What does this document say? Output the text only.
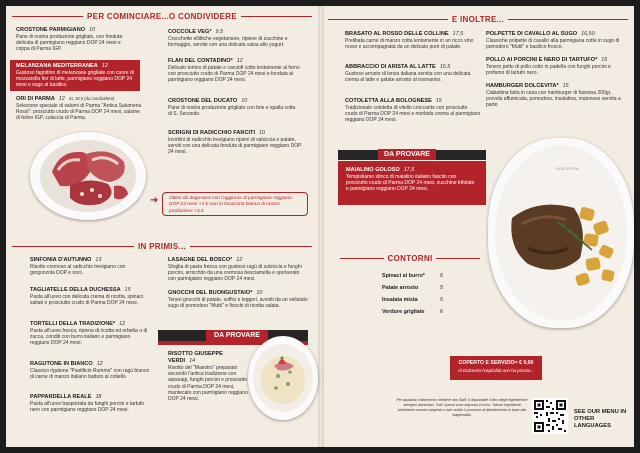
PER COMINCIARE...O CONDIVIDERE
CROSTONE PARMIGIANO 10
Pane di nostra produzione grigliato, con fonduta delicata di parmigiano reggiano DOP 24 mesi e coppa di Parma IGP.
MELANZANA MEDITERRANEA 12
Gustoso fagottino di melanzane grigliate con cuore di mozzarella fior di latte, parmigiano reggiano DOP 24 mesi e sugo al basilico.
ORI DI PARMA 12 XL 19,5 (da condividere)
Selezione speciale di salumi di Parma "Antica Salumeria Rossi": prosciutto crudo di Parma DOP 24 mesi, salame di felino IGP, culaccia di Parma.
COCCOLE VEG* 9,5
Crocchette ellittiche vegetariane, ripiene di zucchine e formaggio, servite con una delicata salsa allo yogurt.
FLAN DEL CONTADINO* 12
Delicato tortino di patate e carciofi cotto lentamente al forno con prosciutto crudo di Parma DOP 24 mesi e fonduta al parmigiano reggiano DOP 24 mesi.
CROSTONE DEL DUCATO 10
Pane di nostra produzione grigliato con brie e spalla cotta di S. Secondo.
SCRIGNI DI RADICCHIO FARCITI 10
Involtini di radicchio trevigiano ripieni di salsiccia e patate, serviti con una delicata fonduta di parmigiano reggiano DOP 24 mesi.
➜	Ottimi da degustare con l'aggiunta di parmigiano reggiano DOP 24 mesi +4 E con la focaccina bianca di nostra produzione +3,5
IN PRIMIS...
SINFONIA D'AUTUNNO 13
Risotto cremoso al radicchio trevigiano con gorgonzola DOP e noci.
TAGLIATELLE DELLA DUCHESSA 15
Pasta all'uovo con delicata crema di ricotta, spinaci saltati e prosciutto crudo di Parma DOP 24 mesi.
TORTELLI DELLA TRADIZIONE* 12
Pasta all'uovo fresca, ripiena di ricotta ed erbetta o di zucca, conditi con burro italiano e parmigiano reggiano DOP 24 mesi.
RAGUTONE IN BIANCO 12
Classico rigatone "Pastificio Rummo" con ragù bianco di carne di manzo italiano battuto al coltello.
PAPPARDELLA REALE 18
Pasta all'uovo trasportata da funghi porcini e tartufo nero con parmigiano reggiano DOP 24 mesi.
LASAGNE DEL BOSCO* 12
Sfoglia di pasta fresca con gustoso ragù di salsiccia e funghi porcini, arricchito da una cremosa besciamella e spolverato con parmigiano reggiano DOP 24 mesi.
GNOCCHI DEL BUONGUSTAIO* 10
Teneri gnocchi di patate, soffici e leggeri, avvolti da un vellutato sugo di pomodoro "Mutti" e fiocchi di ricotta salata.
DA PROVARE
RISOTTO GIUSEPPE VERDI 14
Risotto del "Maestro" preparato secondo l'antica tradizione con asparagi, funghi porcini e prosciutto crudo di Parma DOP 24 mesi, mantecato con parmigiano reggiano DOP 24 mesi.
E INOLTRE...
BRASATO AL ROSSO DELLE COLLINE 17,5
Prelibata carne di manzo cotta lentamente in un ricco vino rosso e accompagnata da un delicato purè di patate.
ABBRACCIO DI ARISTA AL LATTE 16,5
Gustoso arrosto di lonza italiana servita con una delicata crema al latte e patate arrosto al rosmarino.
COTOLETTA ALLA BOLOGNESE 15
Tradizionale cotoletta di vitello croccante con prosciutto crudo di Parma DOP 24 mesi e morbida crema al parmigiano reggiano DOP 24 mesi.
POLPETTE DI CAVALLO AL SUGO 16,50
Classiche polpette di cavallo alla parmigiana cotte in sugo di pomodoro "Mutti" e basilico fresco.
POLLO AI PORCINI E NERO DI TARTUFO* 15
Tenero petto di pollo cotto in padella con funghi porcini e profumo di tartufo nero.
HAMBURGER DOLCEVITA* 15
Ciabattina fatta in casa con hamburger di fassona 200gr, provola affumicata, pomodoro, insalatina, maionese servita a parte.
DA PROVARE
MAIALINO GOLOSO 17,5
Tempistiamo stinco di maialino italiano fascito con prosciutto crudo di Parma DOP 24 mesi, zucchine trifolate e parmigiano reggiano DOP 24 mesi.
DOLCEVITA
CONTORNI
Spinaci al burro*	6
Patate arrosto	5
Insalata mista	5
Verdure grigliate	6
COPERTO E SERVIZIO= € 0,00
Al Dolcevita l'ospitalità non ha prezzo...
Per qualsiasi chiarimento chiedere allo Staff. Il disponibile il libro degli ingredienti e allergeni alimentari. Tutti i prezzi sono espressi in euro. *Alcuni ingredienti potrebbero essere surgelati o aver subito il processo di abbattimento in base alla stagionalità.	SEE OUR MENU IN OTHER LANGUAGES
